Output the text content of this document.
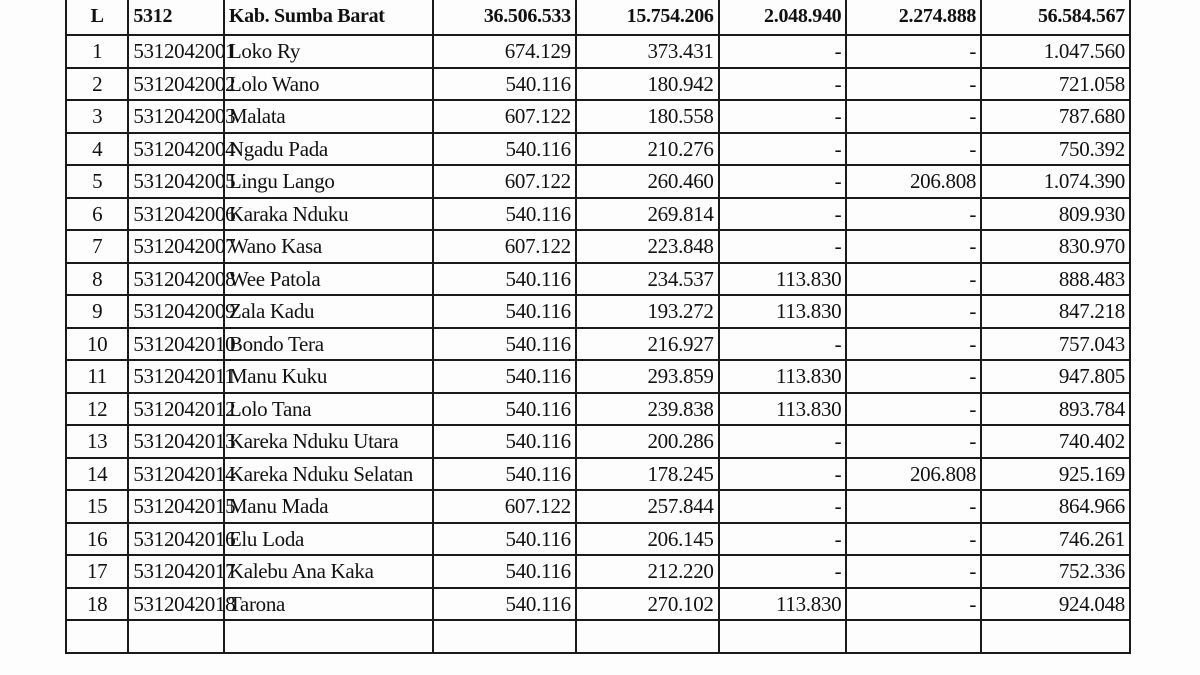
L	5312	Kab. Sumba Barat	36.506.533	15.754.206	2.048.940	2.274.888	56.584.567
1	5312042001	Loko Ry	674.129	373.431	-	-	1.047.560
2	5312042002	Lolo Wano	540.116	180.942	-	-	721.058
3	5312042003	Malata	607.122	180.558	-	-	787.680
4	5312042004	Ngadu Pada	540.116	210.276	-	-	750.392
5	5312042005	Lingu Lango	607.122	260.460	-	206.808	1.074.390
6	5312042006	Karaka Nduku	540.116	269.814	-	-	809.930
7	5312042007	Wano Kasa	607.122	223.848	-	-	830.970
8	5312042008	Wee Patola	540.116	234.537	113.830	-	888.483
9	5312042009	Zala Kadu	540.116	193.272	113.830	-	847.218
10	5312042010	Bondo Tera	540.116	216.927	-	-	757.043
11	5312042011	Manu Kuku	540.116	293.859	113.830	-	947.805
12	5312042012	Lolo Tana	540.116	239.838	113.830	-	893.784
13	5312042013	Kareka Nduku Utara	540.116	200.286	-	-	740.402
14	5312042014	Kareka Nduku Selatan	540.116	178.245	-	206.808	925.169
15	5312042015	Manu Mada	607.122	257.844	-	-	864.966
16	5312042016	Elu Loda	540.116	206.145	-	-	746.261
17	5312042017	Kalebu Ana Kaka	540.116	212.220	-	-	752.336
18	5312042018	Tarona	540.116	270.102	113.830	-	924.048
